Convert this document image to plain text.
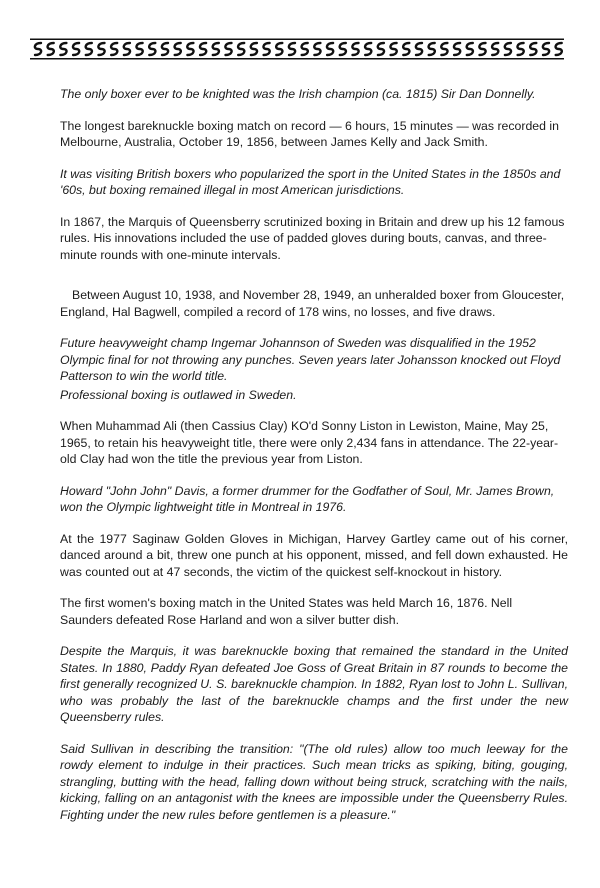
The only boxer ever to be knighted was the Irish champion (ca. 1815) Sir Dan Donnelly.

The longest bareknuckle boxing match on record — 6 hours, 15 minutes — was recorded in Melbourne, Australia, October 19, 1856, between James Kelly and Jack Smith.

It was visiting British boxers who popularized the sport in the United States in the 1850s and '60s, but boxing remained illegal in most American jurisdictions.

In 1867, the Marquis of Queensberry scrutinized boxing in Britain and drew up his 12 famous rules. His innovations included the use of padded gloves during bouts, canvas, and three-minute rounds with one-minute intervals.

Between August 10, 1938, and November 28, 1949, an unheralded boxer from Gloucester, England, Hal Bagwell, compiled a record of 178 wins, no losses, and five draws.

Future heavyweight champ Ingemar Johannson of Sweden was disqualified in the 1952 Olympic final for not throwing any punches. Seven years later Johansson knocked out Floyd Patterson to win the world title.
Professional boxing is outlawed in Sweden.

When Muhammad Ali (then Cassius Clay) KO'd Sonny Liston in Lewiston, Maine, May 25, 1965, to retain his heavyweight title, there were only 2,434 fans in attendance. The 22-year-old Clay had won the title the previous year from Liston.

Howard "John John" Davis, a former drummer for the Godfather of Soul, Mr. James Brown, won the Olympic lightweight title in Montreal in 1976.

At the 1977 Saginaw Golden Gloves in Michigan, Harvey Gartley came out of his corner, danced around a bit, threw one punch at his opponent, missed, and fell down exhausted. He was counted out at 47 seconds, the victim of the quickest self-knockout in history.

The first women's boxing match in the United States was held March 16, 1876. Nell Saunders defeated Rose Harland and won a silver butter dish.

Despite the Marquis, it was bareknuckle boxing that remained the standard in the United States. In 1880, Paddy Ryan defeated Joe Goss of Great Britain in 87 rounds to become the first generally recognized U. S. bareknuckle champion. In 1882, Ryan lost to John L. Sullivan, who was probably the last of the bareknuckle champs and the first under the new Queensberry rules.

Said Sullivan in describing the transition: "(The old rules) allow too much leeway for the rowdy element to indulge in their practices. Such mean tricks as spiking, biting, gouging, strangling, butting with the head, falling down without being struck, scratching with the nails, kicking, falling on an antagonist with the knees are impossible under the Queensberry Rules. Fighting under the new rules before gentlemen is a pleasure."
